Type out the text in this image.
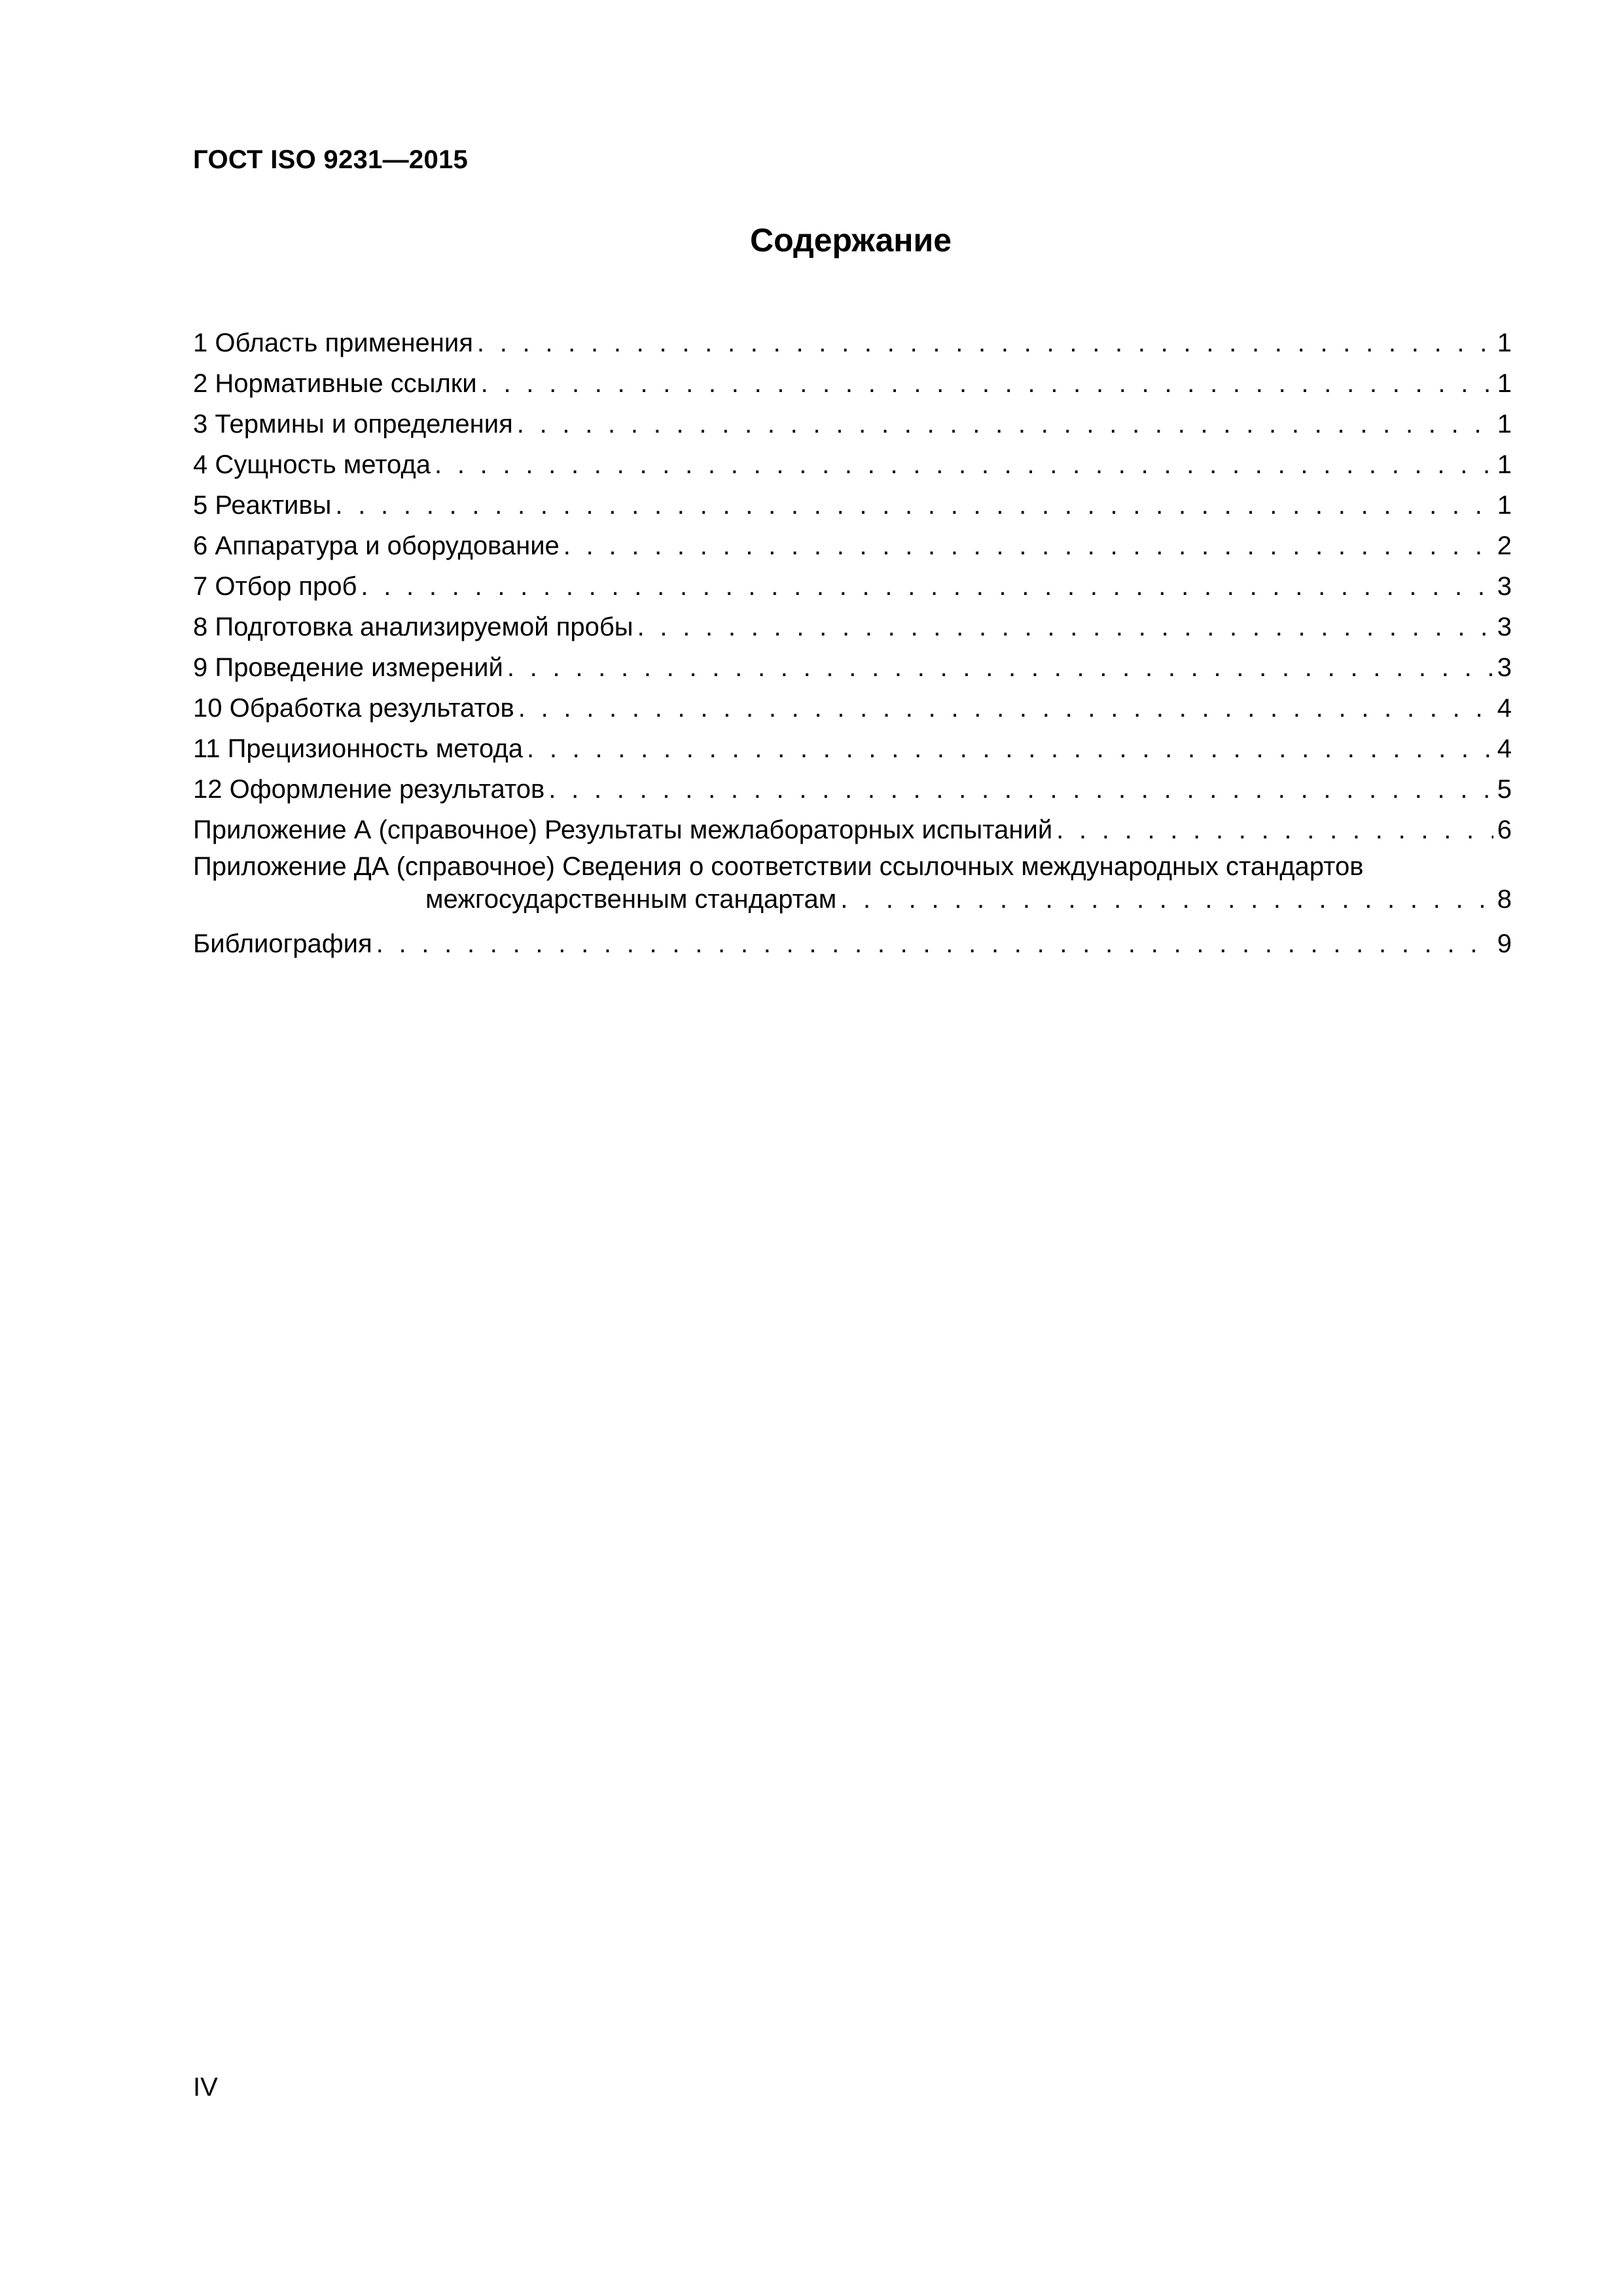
ГОСТ ISO 9231—2015
Содержание
1 Область применения . . .	1
2 Нормативные ссылки . . .	1
3 Термины и определения . . .	1
4 Сущность метода . . .	1
5 Реактивы . . .	1
6 Аппаратура и оборудование . . .	2
7 Отбор проб . . .	3
8 Подготовка анализируемой пробы . . .	3
9 Проведение измерений . . .	3
10 Обработка результатов . . .	4
11 Прецизионность метода . . .	4
12 Оформление результатов . . .	5
Приложение А (справочное) Результаты межлабораторных испытаний . . .	6
Приложение ДА (справочное) Сведения о соответствии ссылочных международных стандартов
межгосударственным стандартам . . .	8
Библиография . . .	9
IV
